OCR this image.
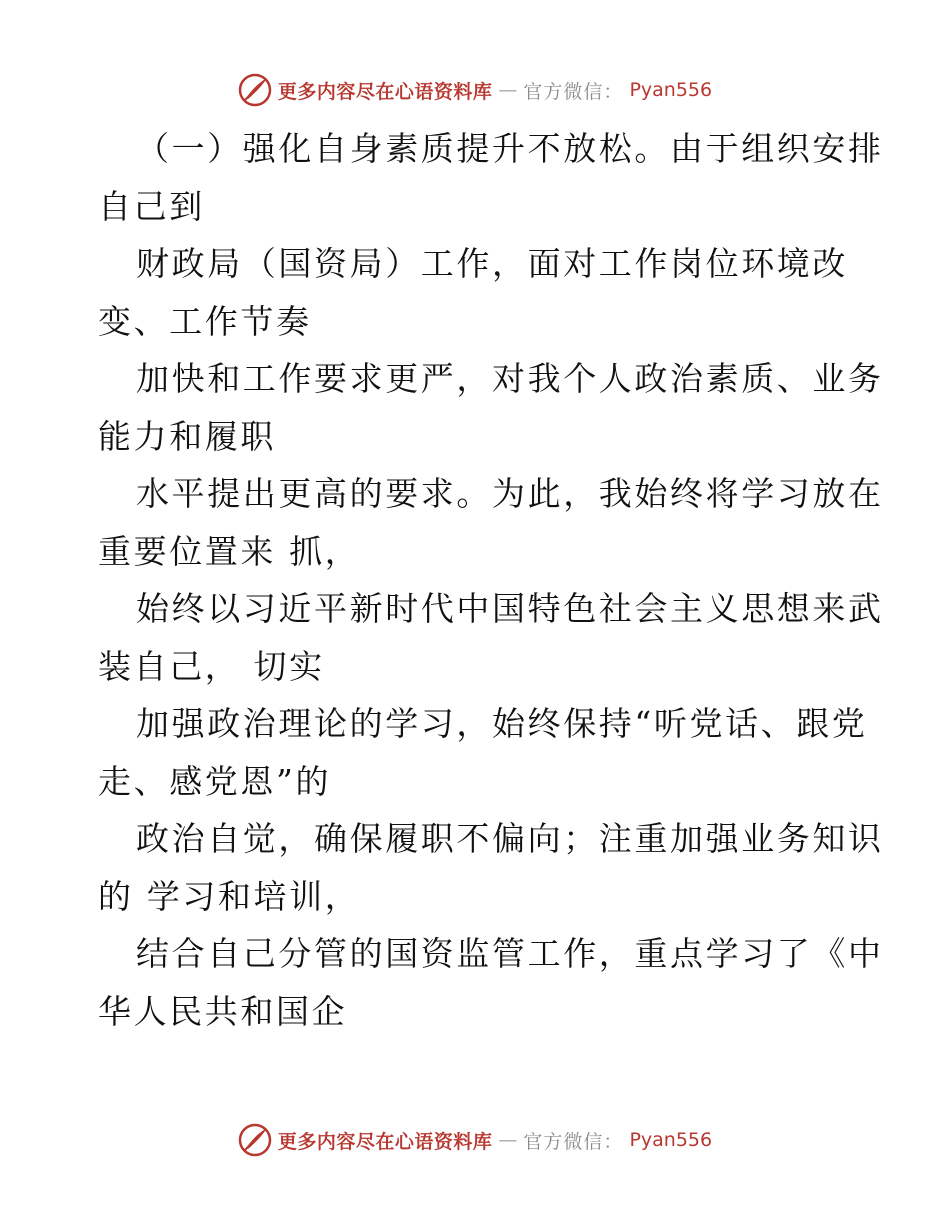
更多内容尽在心语资料库 — 官方微信： Pyan556
（一）强化自身素质提升不放松。由于组织安排
自己到
财政局（国资局）工作，面对工作岗位环境改
变、工作节奏
加快和工作要求更严，对我个人政治素质、业务
能力和履职
水平提出更高的要求。为此，我始终将学习放在
重要位置来 抓，
始终以习近平新时代中国特色社会主义思想来武
装自己， 切实
加强政治理论的学习，始终保持“听党话、跟党
走、感党恩”的
政治自觉，确保履职不偏向；注重加强业务知识
的 学习和培训，
结合自己分管的国资监管工作，重点学习了《中
华人民共和国企
更多内容尽在心语资料库 — 官方微信： Pyan556
